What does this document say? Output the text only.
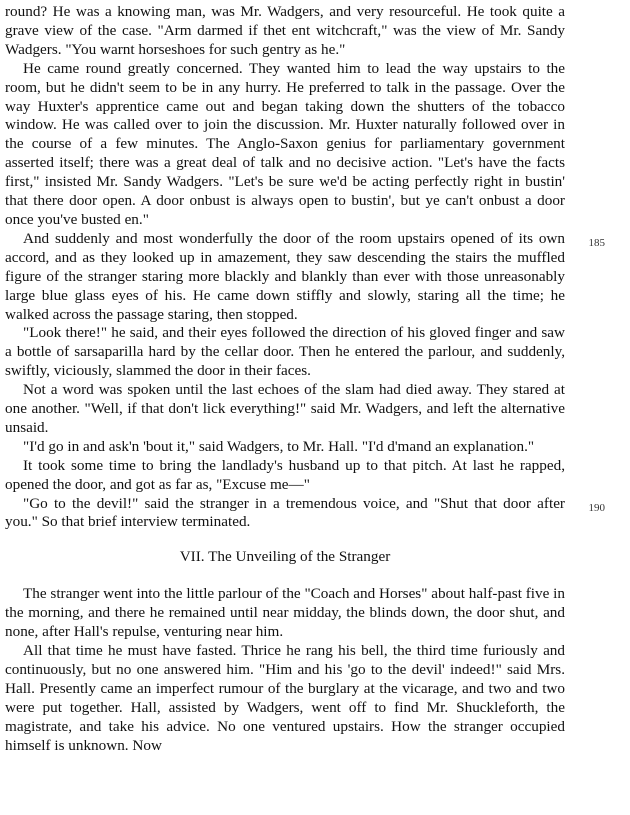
round? He was a knowing man, was Mr. Wadgers, and very resourceful. He took quite a grave view of the case. "Arm darmed if thet ent witchcraft," was the view of Mr. Sandy Wadgers. "You warnt horseshoes for such gentry as he."

He came round greatly concerned. They wanted him to lead the way upstairs to the room, but he didn't seem to be in any hurry. He preferred to talk in the passage. Over the way Huxter's apprentice came out and began taking down the shutters of the tobacco window. He was called over to join the discussion. Mr. Huxter naturally followed over in the course of a few minutes. The Anglo-Saxon genius for parliamentary government asserted itself; there was a great deal of talk and no decisive action. "Let's have the facts first," insisted Mr. Sandy Wadgers. "Let's be sure we'd be acting perfectly right in bustin' that there door open. A door onbust is always open to bustin', but ye can't onbust a door once you've busted en."

185

And suddenly and most wonderfully the door of the room upstairs opened of its own accord, and as they looked up in amazement, they saw descending the stairs the muffled figure of the stranger staring more blackly and blankly than ever with those unreasonably large blue glass eyes of his. He came down stiffly and slowly, staring all the time; he walked across the passage staring, then stopped.

"Look there!" he said, and their eyes followed the direction of his gloved finger and saw a bottle of sarsaparilla hard by the cellar door. Then he entered the parlour, and suddenly, swiftly, viciously, slammed the door in their faces.

Not a word was spoken until the last echoes of the slam had died away. They stared at one another. "Well, if that don't lick everything!" said Mr. Wadgers, and left the alternative unsaid.

"I'd go in and ask'n 'bout it," said Wadgers, to Mr. Hall. "I'd d'mand an explanation."

It took some time to bring the landlady's husband up to that pitch. At last he rapped, opened the door, and got as far as, "Excuse me—"

190

"Go to the devil!" said the stranger in a tremendous voice, and "Shut that door after you." So that brief interview terminated.

VII. The Unveiling of the Stranger

The stranger went into the little parlour of the "Coach and Horses" about half-past five in the morning, and there he remained until near midday, the blinds down, the door shut, and none, after Hall's repulse, venturing near him.

All that time he must have fasted. Thrice he rang his bell, the third time furiously and continuously, but no one answered him. "Him and his 'go to the devil' indeed!" said Mrs. Hall. Presently came an imperfect rumour of the burglary at the vicarage, and two and two were put together. Hall, assisted by Wadgers, went off to find Mr. Shuckleforth, the magistrate, and take his advice. No one ventured upstairs. How the stranger occupied himself is unknown. Now
